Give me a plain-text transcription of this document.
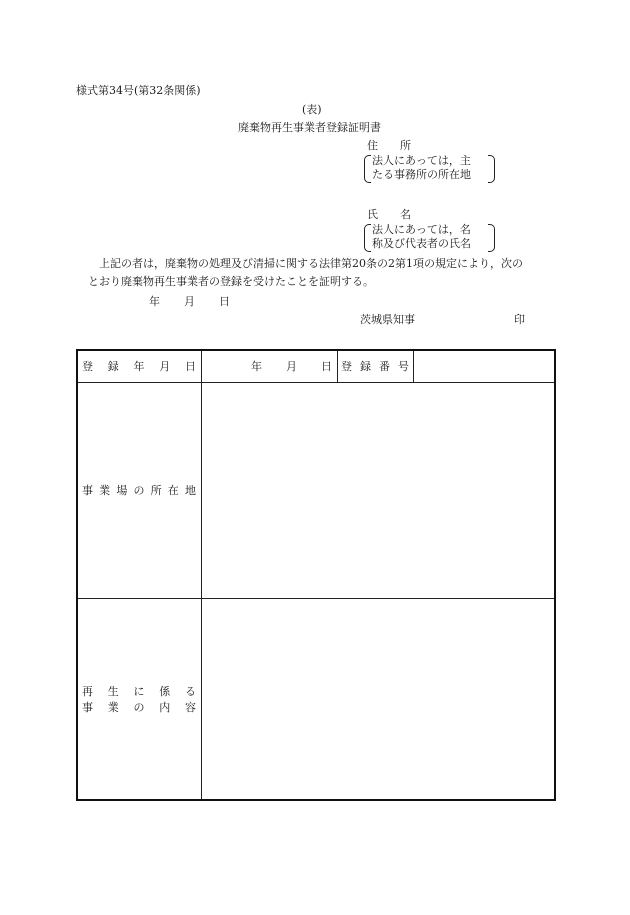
様式第34号(第32条関係)
(表)
廃棄物再生事業者登録証明書
住 所
法人にあっては，主
たる事務所の所在地
氏 名
法人にあっては，名
称及び代表者の氏名
上記の者は，廃棄物の処理及び清掃に関する法律第20条の2第1項の規定により，次の
とおり廃棄物再生事業者の登録を受けたことを証明する。
年 月 日
茨城県知事	印
登 録 年 月 日	年 月 日 登 録 番 号
事 業 場 の 所 在 地
再 生 に 係 る
事 業 の 内 容
